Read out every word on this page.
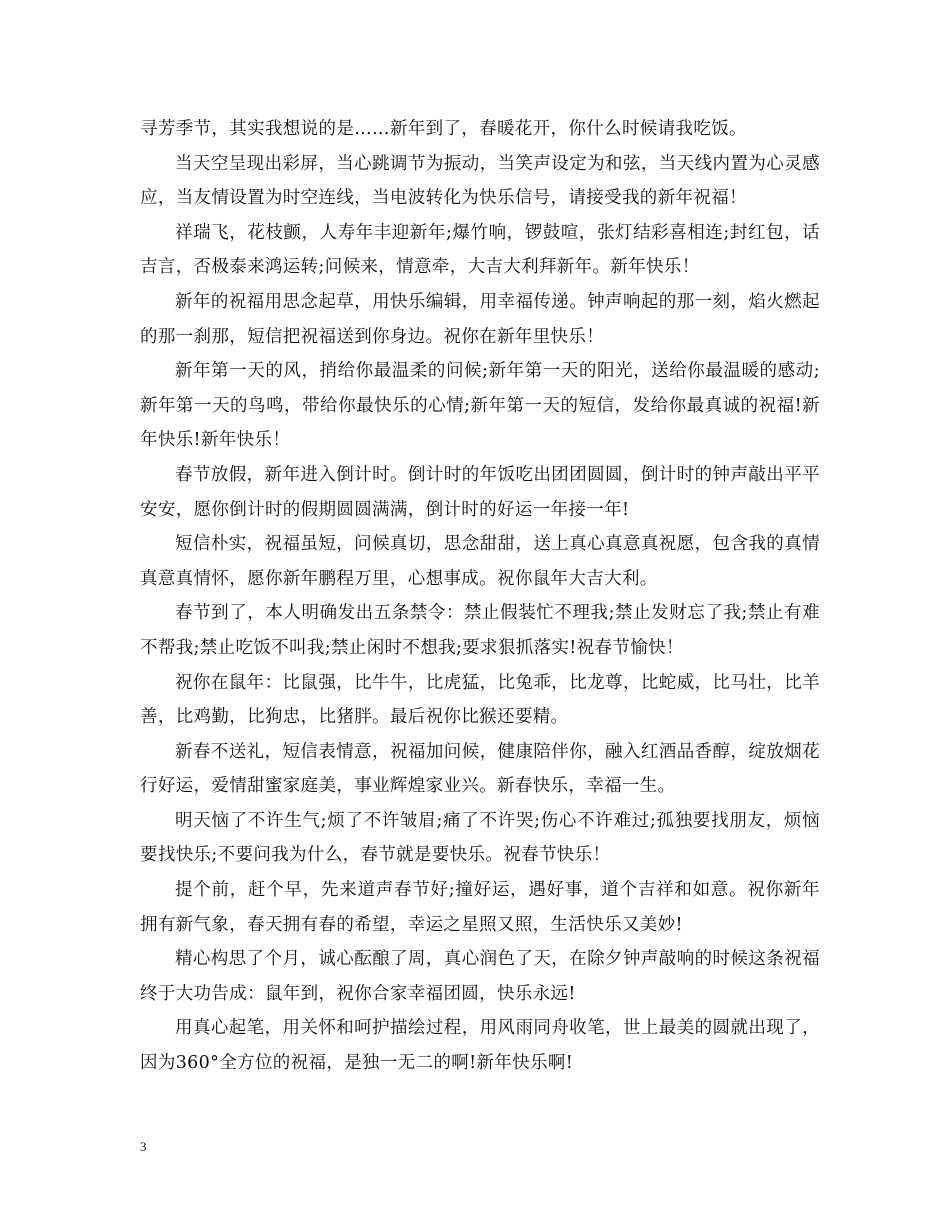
寻芳季节，其实我想说的是……新年到了，春暖花开，你什么时候请我吃饭。

当天空呈现出彩屏，当心跳调节为振动，当笑声设定为和弦，当天线内置为心灵感应，当友情设置为时空连线，当电波转化为快乐信号，请接受我的新年祝福！

祥瑞飞，花枝颤，人寿年丰迎新年;爆竹响，锣鼓喧，张灯结彩喜相连;封红包，话吉言，否极泰来鸿运转;问候来，情意牵，大吉大利拜新年。新年快乐！

新年的祝福用思念起草，用快乐编辑，用幸福传递。钟声响起的那一刻，焰火燃起的那一刹那，短信把祝福送到你身边。祝你在新年里快乐！

新年第一天的风，捎给你最温柔的问候;新年第一天的阳光，送给你最温暖的感动;新年第一天的鸟鸣，带给你最快乐的心情;新年第一天的短信，发给你最真诚的祝福!新年快乐!新年快乐！

春节放假，新年进入倒计时。倒计时的年饭吃出团团圆圆，倒计时的钟声敲出平平安安，愿你倒计时的假期圆圆满满，倒计时的好运一年接一年!

短信朴实，祝福虽短，问候真切，思念甜甜，送上真心真意真祝愿，包含我的真情真意真情怀，愿你新年鹏程万里，心想事成。祝你鼠年大吉大利。

春节到了，本人明确发出五条禁令：禁止假装忙不理我;禁止发财忘了我;禁止有难不帮我;禁止吃饭不叫我;禁止闲时不想我;要求狠抓落实!祝春节愉快！

祝你在鼠年：比鼠强，比牛牛，比虎猛，比兔乖，比龙尊，比蛇威，比马壮，比羊善，比鸡勤，比狗忠，比猪胖。最后祝你比猴还要精。

新春不送礼，短信表情意，祝福加问候，健康陪伴你，融入红酒品香醇，绽放烟花行好运，爱情甜蜜家庭美，事业辉煌家业兴。新春快乐，幸福一生。

明天恼了不许生气;烦了不许皱眉;痛了不许哭;伤心不许难过;孤独要找朋友，烦恼要找快乐;不要问我为什么，春节就是要快乐。祝春节快乐！

提个前，赶个早，先来道声春节好;撞好运，遇好事，道个吉祥和如意。祝你新年拥有新气象，春天拥有春的希望，幸运之星照又照，生活快乐又美妙!

精心构思了个月，诚心酝酿了周，真心润色了天，在除夕钟声敲响的时候这条祝福终于大功告成：鼠年到，祝你合家幸福团圆，快乐永远!

用真心起笔，用关怀和呵护描绘过程，用风雨同舟收笔，世上最美的圆就出现了，因为360°全方位的祝福，是独一无二的啊!新年快乐啊!

3
